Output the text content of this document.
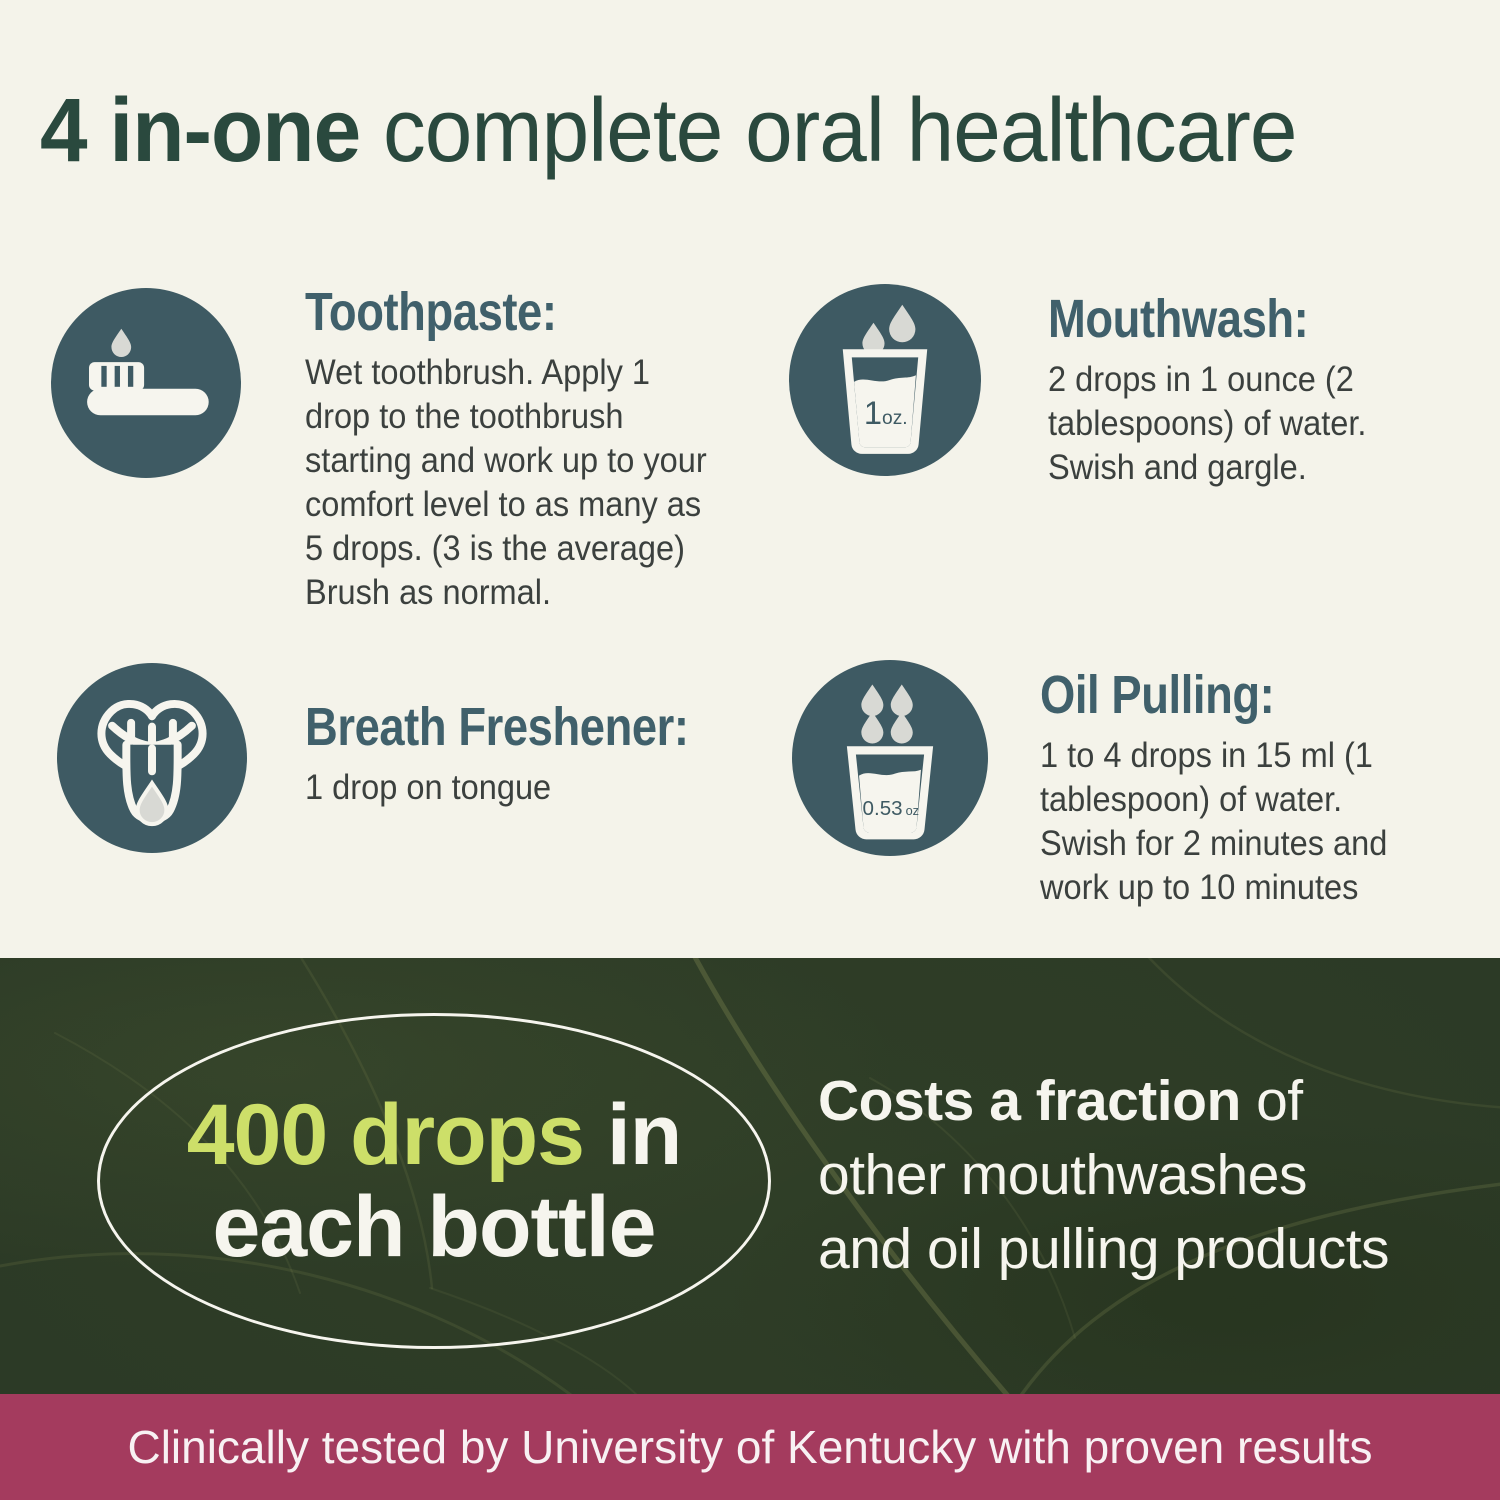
4 in-one complete oral healthcare
Toothpaste:
Wet toothbrush. Apply 1
drop to the toothbrush
starting and work up to your
comfort level to as many as
5 drops. (3 is the average)
Brush as normal.
1oz.
Mouthwash:
2 drops in 1 ounce (2
tablespoons) of water.
Swish and gargle.
Breath Freshener:
1 drop on tongue
0.53 oz
Oil Pulling:
1 to 4 drops in 15 ml (1
tablespoon) of water.
Swish for 2 minutes and
work up to 10 minutes
400 drops in
each bottle
Costs a fraction of
other mouthwashes
and oil pulling products
Clinically tested by University of Kentucky with proven results
